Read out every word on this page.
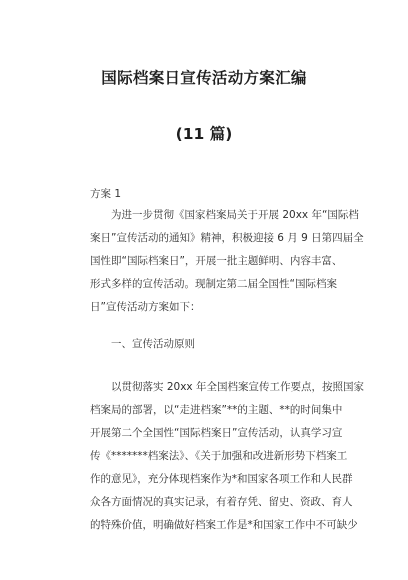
国际档案日宣传活动方案汇编
(11 篇)
方案 1
为进一步贯彻《国家档案局关于开展 20xx 年“国际档
案日”宣传活动的通知》精神，积极迎接 6 月 9 日第四届全
国性即“国际档案日”，开展一批主题鲜明、内容丰富、
形式多样的宣传活动。现制定第二届全国性“国际档案
日”宣传活动方案如下：
一、宣传活动原则
以贯彻落实 20xx 年全国档案宣传工作要点，按照国家
档案局的部署，以“走进档案”**的主题、**的时间集中
开展第二个全国性“国际档案日”宣传活动，认真学习宣
传《*******档案法》、《关于加强和改进新形势下档案工
作的意见》，充分体现档案作为*和国家各项工作和人民群
众各方面情况的真实记录，有着存凭、留史、资政、育人
的特殊价值，明确做好档案工作是*和国家工作中不可缺少
